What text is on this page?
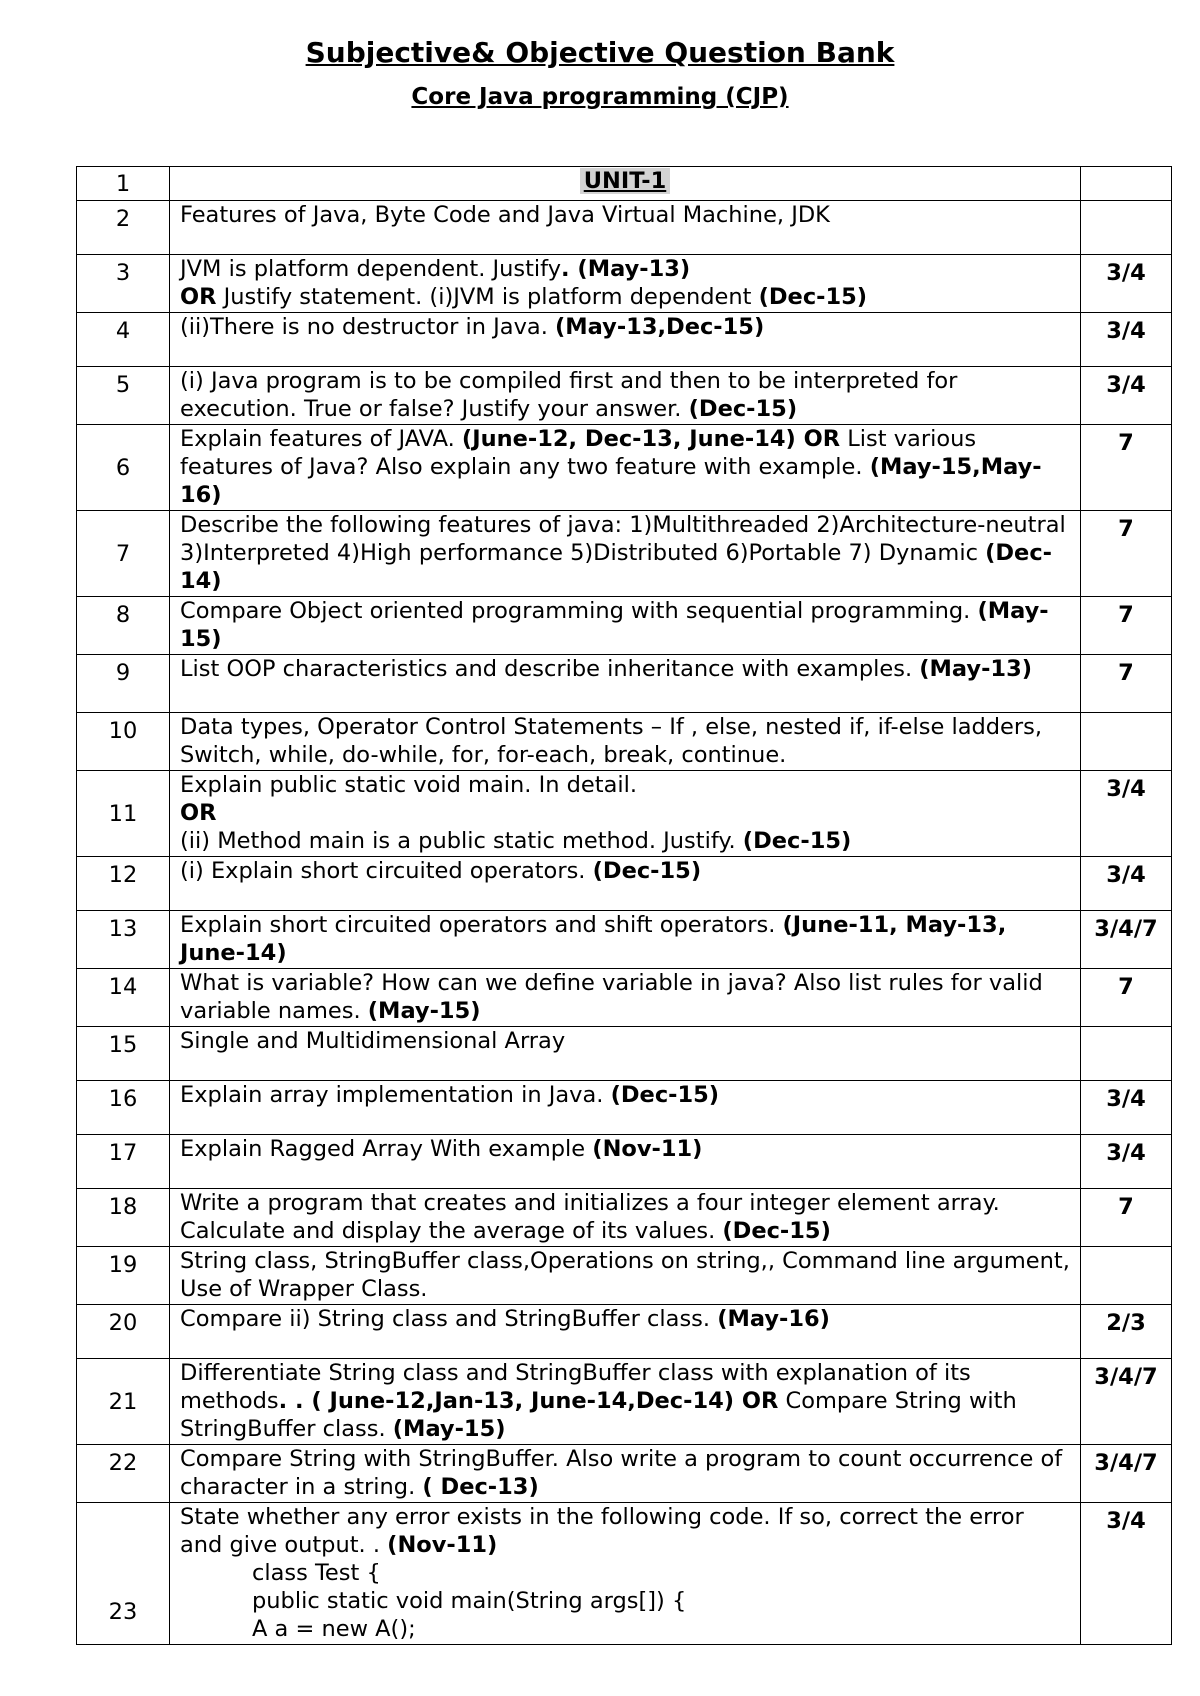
Subjective& Objective Question Bank
Core Java programming (CJP)
1	UNIT-1	
2	Features of Java, Byte Code and Java Virtual Machine, JDK	

3	JVM is platform dependent. Justify. (May-13)
OR Justify statement. (i)JVM is platform dependent (Dec-15)	3/4
4	(ii)There is no destructor in Java. (May-13,Dec-15)	3/4
5	(i) Java program is to be compiled first and then to be interpreted for execution. True or false? Justify your answer. (Dec-15)	3/4
6	Explain features of JAVA. (June-12, Dec-13, June-14) OR List various features of Java? Also explain any two feature with example. (May-15,May-16)	7
7	Describe the following features of java: 1)Multithreaded 2)Architecture-neutral 3)Interpreted 4)High performance 5)Distributed 6)Portable 7) Dynamic (Dec-14)	7
8	Compare Object oriented programming with sequential programming. (May-15)	7
9	List OOP characteristics and describe inheritance with examples. (May-13)	7
10	Data types, Operator Control Statements – If , else, nested if, if-else ladders, Switch, while, do-while, for, for-each, break, continue.	

11	Explain public static void main. In detail.
OR
(ii) Method main is a public static method. Justify. (Dec-15)	3/4
12	(i) Explain short circuited operators. (Dec-15)	3/4
13	Explain short circuited operators and shift operators. (June-11, May-13, June-14)	3/4/7
14	What is variable? How can we define variable in java? Also list rules for valid variable names. (May-15)	7
15	Single and Multidimensional Array	

16	Explain array implementation in Java. (Dec-15)	3/4
17	Explain Ragged Array With example (Nov-11)	3/4
18	Write a program that creates and initializes a four integer element array. Calculate and display the average of its values. (Dec-15)	7
19	String class, StringBuffer class,Operations on string,, Command line argument, Use of Wrapper Class.	

20	Compare ii) String class and StringBuffer class. (May-16)	2/3
21	Differentiate String class and StringBuffer class with explanation of its methods. . ( June-12,Jan-13, June-14,Dec-14) OR Compare String with StringBuffer class. (May-15)	3/4/7
22	Compare String with StringBuffer. Also write a program to count occurrence of character in a string. ( Dec-13)	3/4/7
23	State whether any error exists in the following code. If so, correct the error and give output. . (Nov-11)
class Test {
public static void main(String args[]) {
A a = new A();	3/4
